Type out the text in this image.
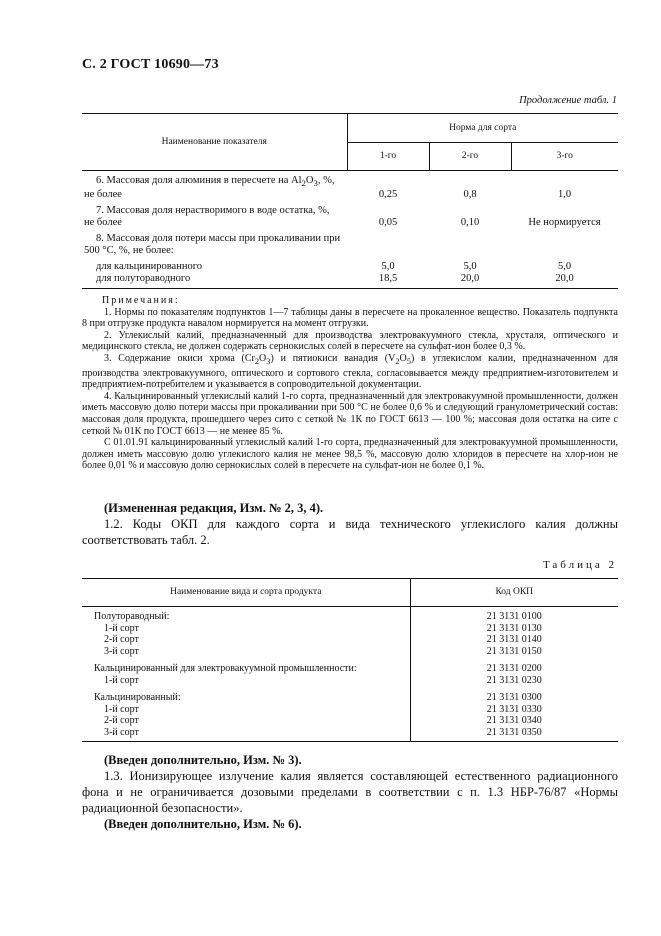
С. 2 ГОСТ 10690—73
Продолжение табл. 1
Наименование показателя	Норма для сорта		
	1-го	2-го	3-го

6. Массовая доля алюминия в пересчете на $Al_2O_3$, %, не более	0,25	0,8	1,0

7. Массовая доля нерастворимого в воде остатка, %, не более	0,05	0,10	Не нормируется

8. Массовая доля потери массы при прокаливании при 500 °С, %, не более:			

для кальцинированного	5,0	5,0	5,0
для полутораводного	18,5	20,0	20,0
Примечания:

1. Нормы по показателям подпунктов 1—7 таблицы даны в пересчете на прокаленное вещество. Показатель подпункта 8 при отгрузке продукта навалом нормируется на момент отгрузки.

2. Углекислый калий, предназначенный для производства электровакуумного стекла, хрусталя, оптического и медицинского стекла, не должен содержать сернокислых солей в пересчете на сульфат-ион более 0,3 %.

3. Содержание окиси хрома $(Cr_2O_3)$ и пятиокиси ванадия $(V_2O_5)$ в углекислом калии, предназначенном для производства электровакуумного, оптического и сортового стекла, согласовывается между предприятием-изготовителем и предприятием-потребителем и указывается в сопроводительной документации.

4. Кальцинированный углекислый калий 1-го сорта, предназначенный для электровакуумной промышленности, должен иметь массовую долю потери массы при прокаливании при 500 °С не более 0,6 % и следующий гранулометрический состав: массовая доля продукта, прошедшего через сито с сеткой № 1К по ГОСТ 6613 — 100 %; массовая доля остатка на сите с сеткой № 01К по ГОСТ 6613 — не менее 85 %.

С 01.01.91 кальцинированный углекислый калий 1-го сорта, предназначенный для электровакуумной промышленности, должен иметь массовую долю углекислого калия не менее 98,5 %, массовую долю хлоридов в пересчете на хлор-ион не более 0,01 % и массовую долю сернокислых солей в пересчете на сульфат-ион не более 0,1 %.

(Измененная редакция, Изм. № 2, 3, 4).

1.2. Коды ОКП для каждого сорта и вида технического углекислого калия должны соответствовать табл. 2.

Таблица 2
Наименование вида и сорта продукта	Код ОКП
Полутораводный:	21 3131 0100
1-й сорт	21 3131 0130
2-й сорт	21 3131 0140
3-й сорт	21 3131 0150

Кальцинированный для электровакуумной промышленности:	21 3131 0200
1-й сорт	21 3131 0230

Кальцинированный:	21 3131 0300
1-й сорт	21 3131 0330
2-й сорт	21 3131 0340
3-й сорт	21 3131 0350

(Введен дополнительно, Изм. № 3).

1.3. Ионизирующее излучение калия является составляющей естественного радиационного фона и не ограничивается дозовыми пределами в соответствии с п. 1.3 НБР-76/87 «Нормы радиационной безопасности».

(Введен дополнительно, Изм. № 6).
